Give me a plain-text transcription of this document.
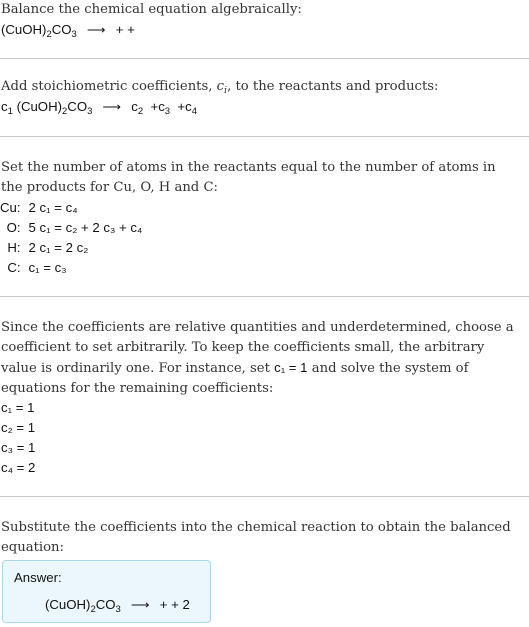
Balance the chemical equation algebraically:
$(CuOH)_2CO_3$ ⟶ + +
Add stoichiometric coefficients, $c_i$, to the reactants and products:
$c_1$ $(CuOH)_2CO_3$ ⟶ $c_2 +c_3 +c_4$
Set the number of atoms in the reactants equal to the number of atoms in the products for Cu, O, H and C:
Cu:	2 c₁ = c₄
O:	5 c₁ = c₂ + 2 c₃ + c₄
H:	2 c₁ = 2 c₂
C:	c₁ = c₃
Since the coefficients are relative quantities and underdetermined, choose a coefficient to set arbitrarily. To keep the coefficients small, the arbitrary value is ordinarily one. For instance, set c₁ = 1 and solve the system of equations for the remaining coefficients:
c₁ = 1
c₂ = 1
c₃ = 1
c₄ = 2
Substitute the coefficients into the chemical reaction to obtain the balanced equation:
Answer:
$(CuOH)_2CO_3$ ⟶ + + 2
